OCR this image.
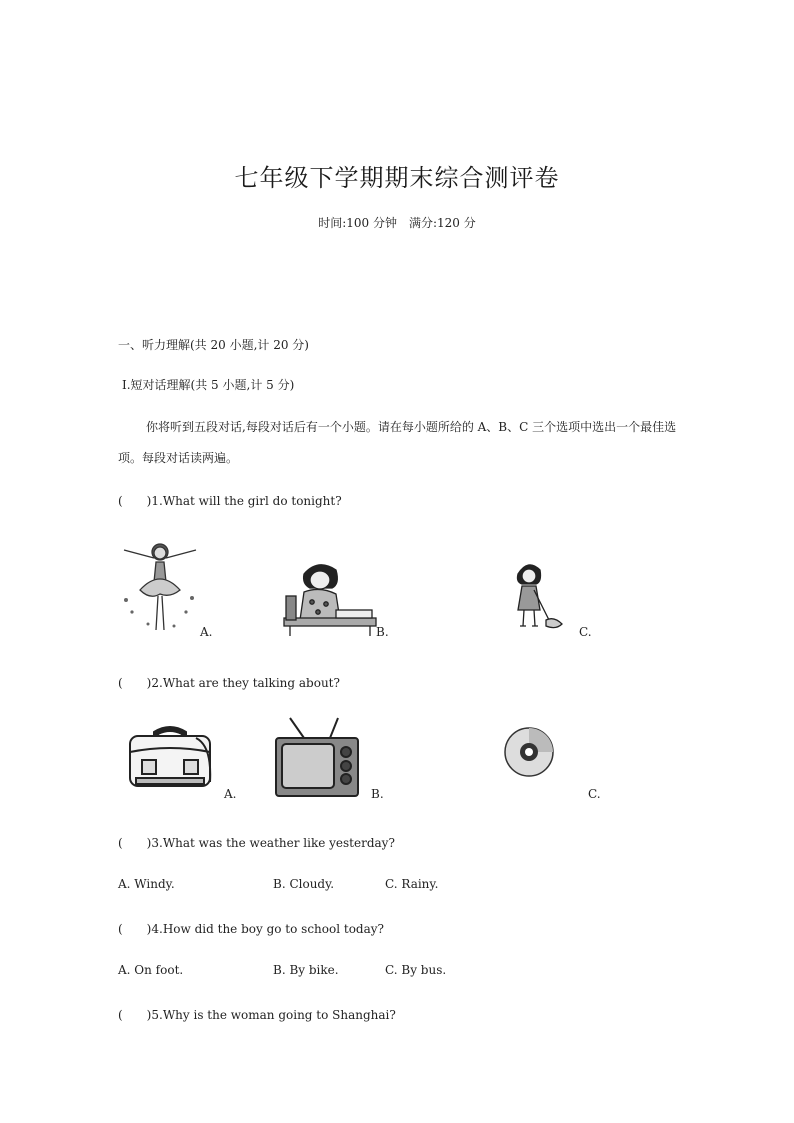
七年级下学期期末综合测评卷
时间:100 分钟　满分:120 分
一、听力理解(共 20 小题,计 20 分)
Ⅰ.短对话理解(共 5 小题,计 5 分)
你将听到五段对话,每段对话后有一个小题。请在每小题所给的 A、B、C 三个选项中选出一个最佳选
项。每段对话读两遍。
(　　)1.What will the girl do tonight?
A.	B.	C.
(　　)2.What are they talking about?
A.	B.	C.
(　　)3.What was the weather like yesterday?
A. Windy.	B. Cloudy.	C. Rainy.
(　　)4.How did the boy go to school today?
A. On foot.	B. By bike.	C. By bus.
(　　)5.Why is the woman going to Shanghai?
